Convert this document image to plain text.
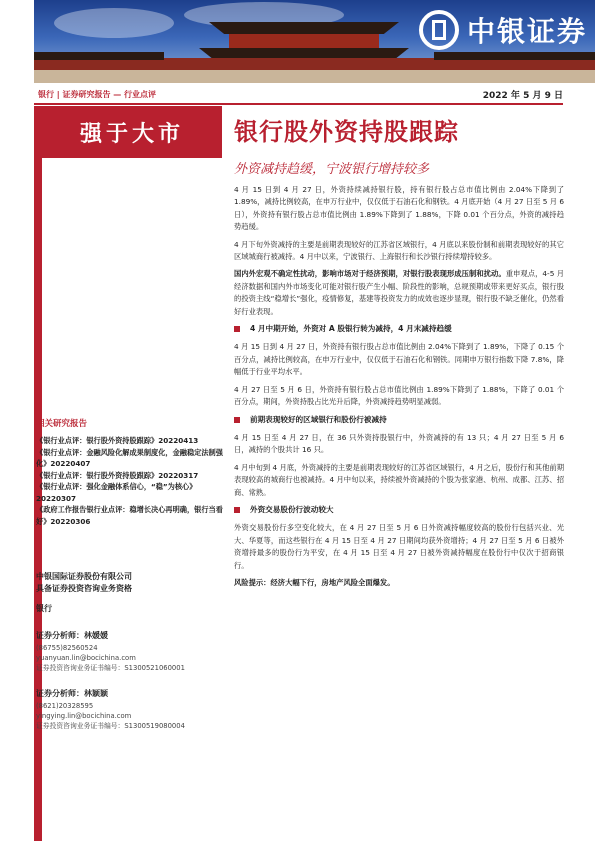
中银证券
银行 | 证券研究报告 — 行业点评	2022 年 5 月 9 日
强于大市	银行股外资持股跟踪
外资减持趋缓，宁波银行增持较多
相关研究报告
《银行业点评：银行股外资持股跟踪》20220413
《银行业点评：金融风险化解成果制度化，金融稳定法制强化》20220407
《银行业点评：银行股外资持股跟踪》20220317
《银行业点评：强化金融体系信心，“稳”为核心》20220307
《政府工作报告银行业点评：稳增长决心再明确，银行当看好》20220306
中银国际证券股份有限公司
具备证券投资咨询业务资格
银行
证券分析师：林媛媛
(86755)82560524
yuanyuan.lin@bocichina.com
证券投资咨询业务证书编号：S1300521060001
证券分析师：林颖颖
(8621)20328595
yingying.lin@bocichina.com
证券投资咨询业务证书编号：S1300519080004

4 月 15 日到 4 月 27 日，外资持续减持银行股，持有银行股占总市值比例由 2.04%下降到了 1.89%，减持比例较高，在申万行业中，仅仅低于石油石化和钢铁。4 月底开始（4 月 27 日至 5 月 6 日），外资持有银行股占总市值比例由 1.89%下降到了 1.88%，下降 0.01 个百分点，外资的减持趋势趋缓。

4 月下旬外资减持的主要是前期表现较好的江苏省区域银行，4 月底以来股份制和前期表现较好的其它区域城商行被减持。4 月中以来，宁波银行、上海银行和长沙银行持续增持较多。

国内外宏观不确定性扰动，影响市场对于经济预期，对银行股表现形成压制和扰动。重申观点，4-5 月经济数据和国内外市场变化可能对银行股产生小幅、阶段性的影响，总规预期或带来更好买点，银行股的投资主线“稳增长”强化，疫情修复，基建等投资发力的成效也逐步显现，银行股不缺乏催化，仍然看好行业表现。

4 月中期开始，外资对 A 股银行转为减持，4 月末减持趋缓

4 月 15 日到 4 月 27 日，外资持有银行股占总市值比例由 2.04%下降到了 1.89%，下降了 0.15 个百分点，减持比例较高，在申万行业中，仅仅低于石油石化和钢铁。同期申万银行指数下降 7.8%，降幅低于行业平均水平。

4 月 27 日至 5 月 6 日，外资持有银行股占总市值比例由 1.89%下降到了 1.88%，下降了 0.01 个百分点，期间，外资持股占比光升后降，外资减持趋势明显减弱。

前期表现较好的区域银行和股份行被减持

4 月 15 日至 4 月 27 日，在 36 只外资持股银行中，外资减持的有 13 只；4 月 27 日至 5 月 6 日，减持的个股共计 16 只。

4 月中旬到 4 月底，外资减持的主要是前期表现较好的江苏省区域银行，4 月之后，股份行和其他前期表现较高的城商行也被减持。4 月中旬以来，持续被外资减持的个股为张家港、杭州、成都、江苏、招商、常熟。

外资交易股份行波动较大

外资交易股份行多空变化较大，在 4 月 27 日至 5 月 6 日外资减持幅度较高的股份行包括兴业、光大、华夏等，而这些银行在 4 月 15 日至 4 月 27 日期间均获外资增持；4 月 27 日至 5 月 6 日被外资增持最多的股份行为平安，在 4 月 15 日至 4 月 27 日被外资减持幅度在股份行中仅次于招商银行。

风险提示：经济大幅下行，房地产风险全面爆发。
